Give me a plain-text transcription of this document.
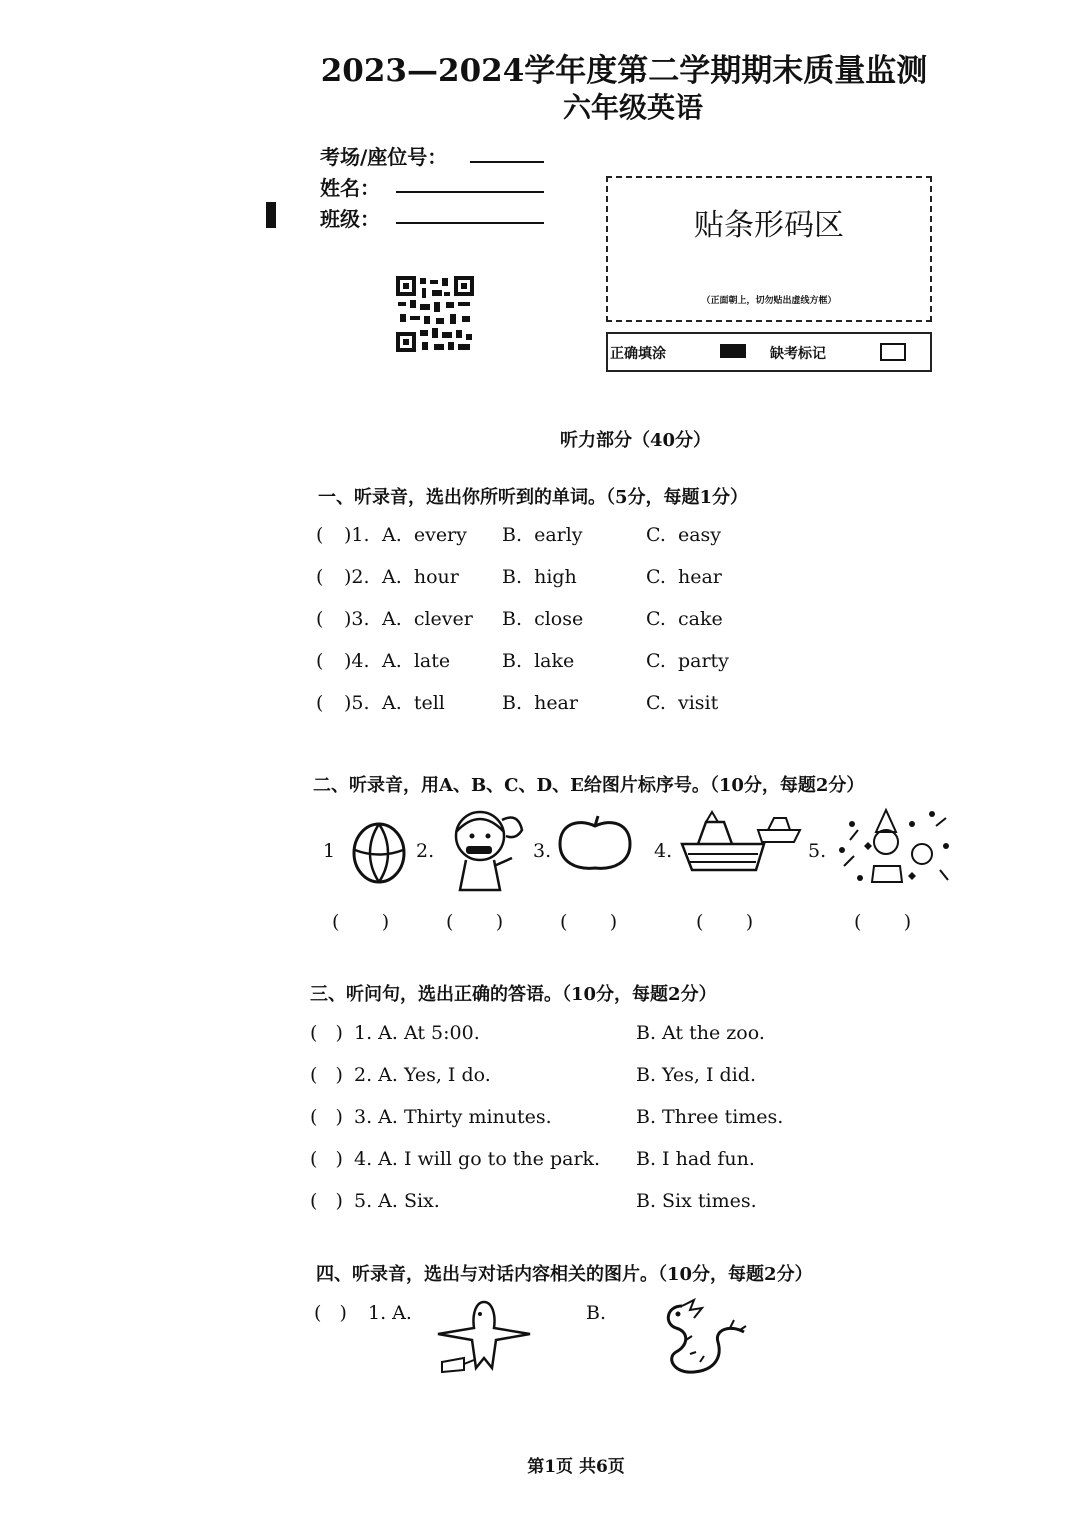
2023—2024学年度第二学期期末质量监测
六年级英语
考场/座位号：
姓名：
班级：	贴条形码区
（正面朝上，切勿贴出虚线方框）
正确填涂	缺考标记
听力部分（40分）
一、听录音，选出你所听到的单词。（5分，每题1分）
( )1. A.  every B.  early	C.  easy
( )2. A.  hour B.  high	C.  hear
( )3. A.  clever B.  close	C.  cake
( )4. A.  late	B.  lake	C.  party
( )5. A.  tell	B.  hear	C.  visit
二、听录音，用A、B、C、D、E给图片标序号。（10分，每题2分）
1	2.	3.	4.	5.
(       )	(       )	(       )	(       )	(       )
三、听问句，选出正确的答语。（10分，每题2分）
(   ) 1. A. At 5:00.	B. At the zoo.
(   ) 2. A. Yes, I do.	B. Yes, I did.
(   ) 3. A. Thirty minutes.	B. Three times.
(   ) 4. A. I will go to the park. B. I had fun.
(   ) 5. A. Six.	B. Six times.
四、听录音，选出与对话内容相关的图片。（10分，每题2分）
(   ) 1. A.	B.
第1页 共6页
